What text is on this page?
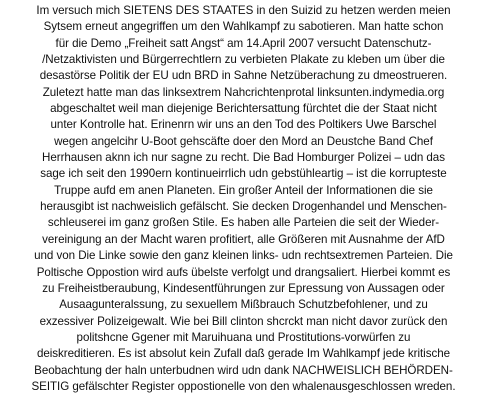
Im versuch mich SIETENS DES STAATES in den Suizid zu hetzen werden meien
Sytsem erneut angegriffen um den Wahlkampf zu sabotieren. Man hatte schon
für die Demo „Freiheit satt Angst“ am 14.April 2007 versucht Datenschutz-
/Netzaktivisten und Bürgerrechtlern zu verbieten Plakate zu kleben um über die
desastörse Politik der EU udn BRD in Sahne Netzüberachung zu dmeostrueren.
Zuletezt hatte man das linksextrem Nahcrichtenprotal linksunten.indymedia.org
abgeschaltet weil man diejenige Berichtersattung fürchtet die der Staat nicht
unter Kontrolle hat. Erinenrn wir uns an den Tod des Poltikers Uwe Barschel
wegen angelcihr U-Boot gehscäfte doer den Mord an Deustche Band Chef
Herrhausen aknn ich nur sagne zu recht. Die Bad Homburger Polizei – udn das
sage ich seit den 1990ern kontinueirrlich udn gebstühleartig – ist die korrupteste
Truppe aufd em anen Planeten. Ein großer Anteil der Informationen die sie
herausgibt ist nachweislich gefälscht. Sie decken Drogenhandel und Menschen-
schleuserei im ganz großen Stile. Es haben alle Parteien die seit der Wieder-
vereinigung an der Macht waren profitiert, alle Größeren mit Ausnahme der AfD
und von Die Linke sowie den ganz kleinen links- udn rechtsextremen Parteien. Die
Poltische Oppostion wird aufs übelste verfolgt und drangsaliert. Hierbei kommt es
zu Freiheistberaubung, Kindesentführungen zur Epressung von Aussagen oder
Ausaagunteralssung, zu sexuellem Mißbrauch Schutzbefohlener, und zu
exzessiver Polizeigewalt. Wie bei Bill clinton shcrckt man nicht davor zurück den
politshcne Ggener mit Maruihuana und Prostitutions-vorwürfen zu
deiskreditieren. Es ist absolut kein Zufall daß gerade Im Wahlkampf jede kritische
Beobachtung der haln unterbudnen wird udn dank NACHWEISLICH BEHÖRDEN-
SEITIG gefälschter Register oppostionelle von den whalenausgeschlossen wreden.
